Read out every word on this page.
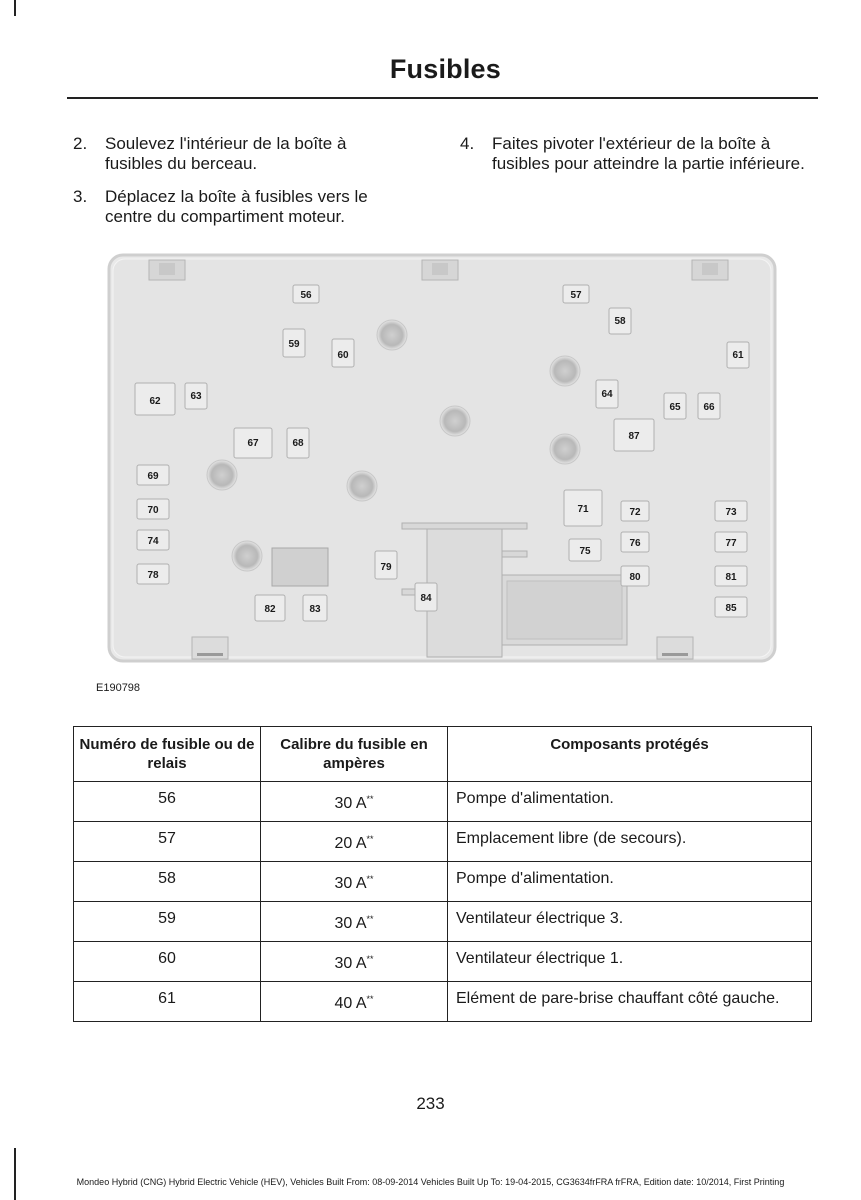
Fusibles
2.	Soulevez l'intérieur de la boîte à fusibles du berceau.
3.	Déplacez la boîte à fusibles vers le centre du compartiment moteur.
4.	Faites pivoter l'extérieur de la boîte à fusibles pour atteindre la partie inférieure.
56	57
58
59
60	61
62	63	64
65 66
67	68
69
70	71	72	73
74
75
76	77
78
79
80	81
82	83
84
85
87
E190798
Numéro de fusible ou de relais	Calibre du fusible en ampères	Composants protégés
56	30 A**	Pompe d'alimentation.
57	20 A**	Emplacement libre (de secours).
58	30 A**	Pompe d'alimentation.
59	30 A**	Ventilateur électrique 3.
60	30 A**	Ventilateur électrique 1.
61	40 A**	Elément de pare-brise chauffant côté gauche.
233
Mondeo Hybrid (CNG) Hybrid Electric Vehicle (HEV), Vehicles Built From: 08-09-2014 Vehicles Built Up To: 19-04-2015, CG3634frFRA frFRA, Edition date: 10/2014, First Printing
